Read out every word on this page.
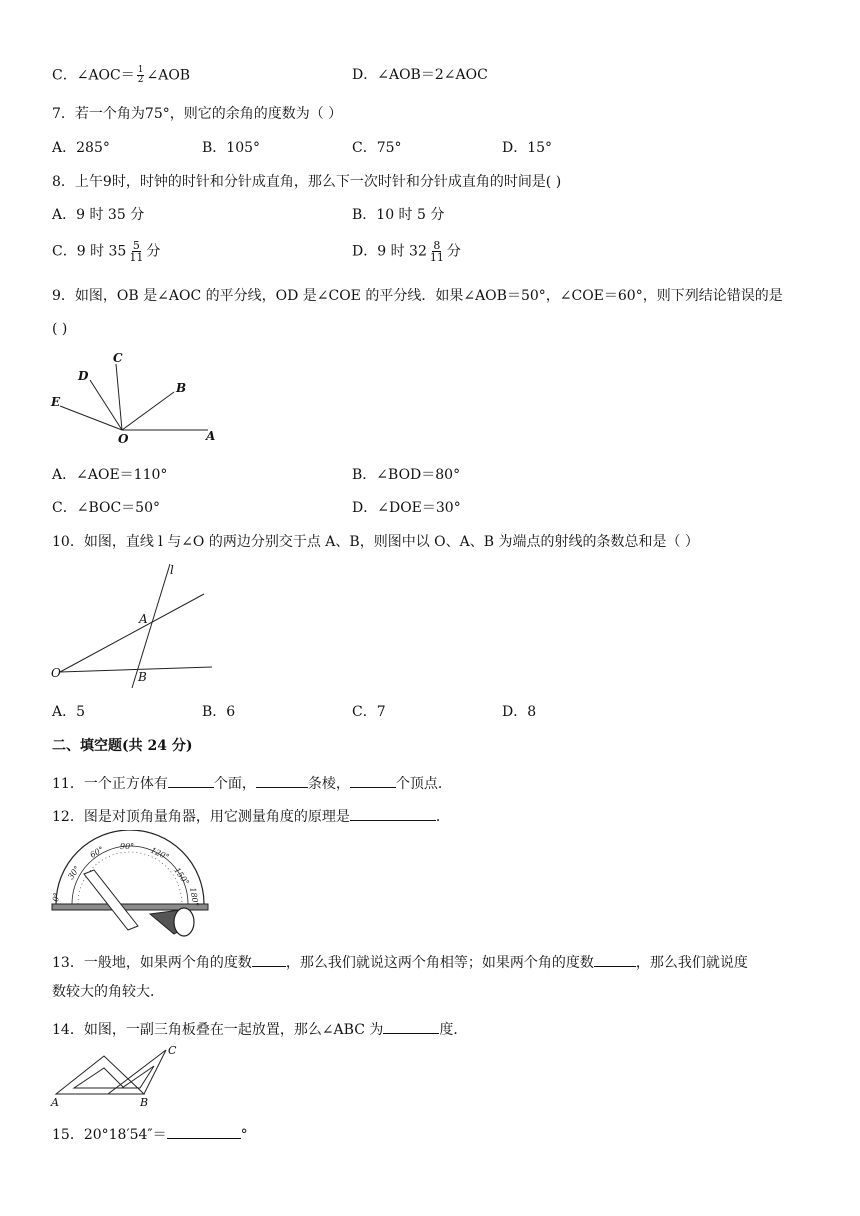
C．∠AOC＝ $\frac{1}{2}$ ∠AOB	D．∠AOB＝2∠AOC
7．若一个角为75°，则它的余角的度数为（ ）
A．285°	B．105°	C．75°	D．15°
8．上午9时，时钟的时针和分针成直角，那么下一次时针和分针成直角的时间是( )
A．9 时 35 分	B．10 时 5 分
C．9 时 $35 \frac{5}{11}$ 分	D．9 时 $32 \frac{8}{11}$ 分
9．如图，OB 是∠AOC 的平分线，OD 是∠COE 的平分线．如果∠AOB＝50°，∠COE＝60°，则下列结论错误的是
( )
C
D
B
E
O	A
A．∠AOE＝110°	B．∠BOD＝80°
C．∠BOC＝50°	D．∠DOE＝30°
10．如图，直线 l 与∠O 的两边分别交于点 A、B，则图中以 O、A、B 为端点的射线的条数总和是（ ）
l
A
O	B
A．5	B．6	C．7	D．8
二、填空题(共 24 分)
11．一个正方体有	个面，	条棱，	个顶点．
12．图是对顶角量角器，用它测量角度的原理是	．
0°
30°
60° 90° 120°
150°
180°
13．一般地，如果两个角的度数 ，那么我们就说这两个角相等；如果两个角的度数	，那么我们就说度
数较大的角较大．
14．如图，一副三角板叠在一起放置，那么∠ABC 为	度．
A	B
C
15．20°18′54″＝	°
